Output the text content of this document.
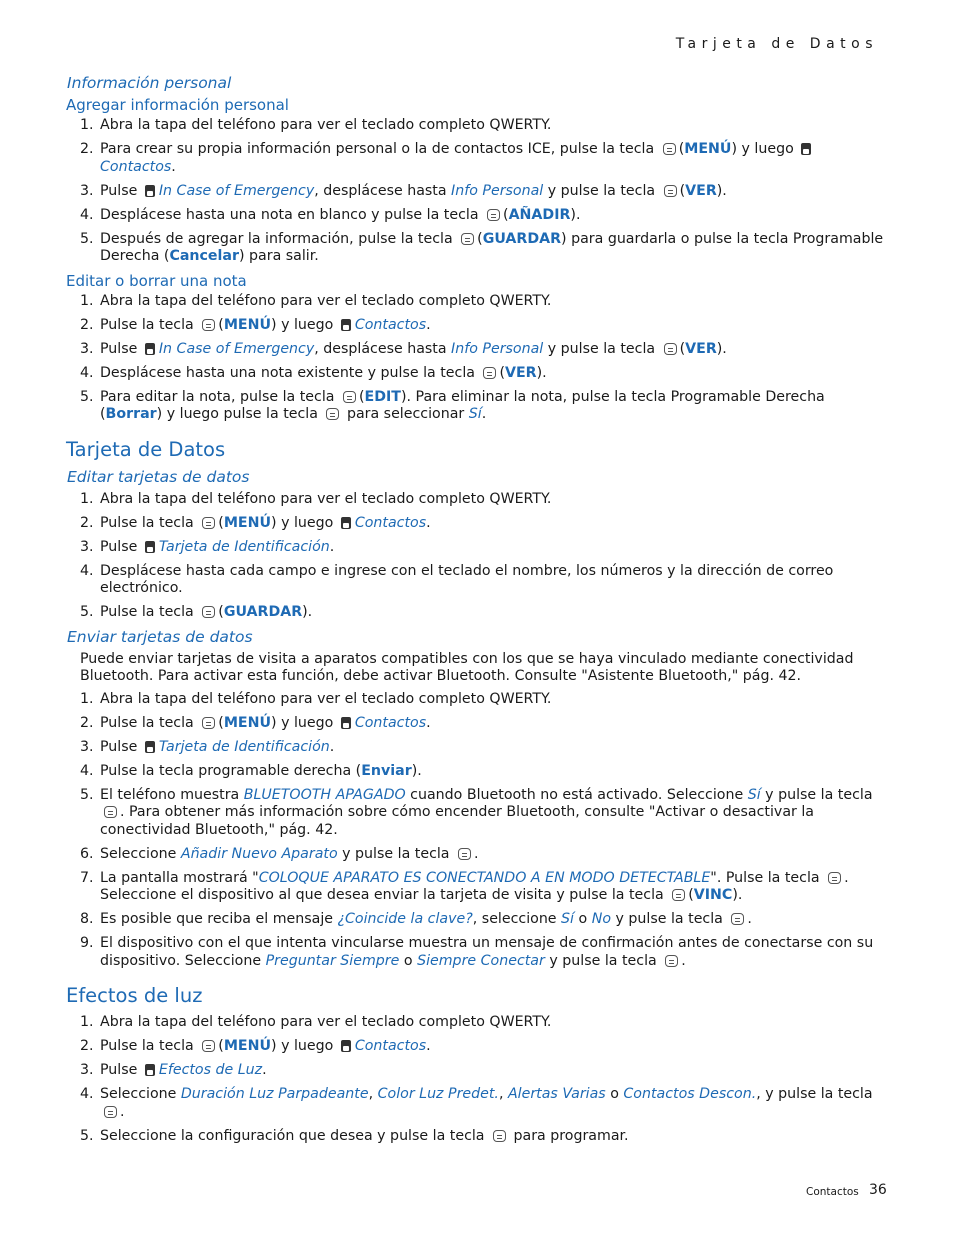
Tarjeta de Datos
Información personal
Agregar información personal
1. Abra la tapa del teléfono para ver el teclado completo QWERTY.
2. Para crear su propia información personal o la de contactos ICE, pulse la tecla (MENÚ) y luego Contactos.
3. Pulse In Case of Emergency, desplácese hasta Info Personal y pulse la tecla (VER).
4. Desplácese hasta una nota en blanco y pulse la tecla (AÑADIR).
5. Después de agregar la información, pulse la tecla (GUARDAR) para guardarla o pulse la tecla Programable Derecha (Cancelar) para salir.
Editar o borrar una nota
1. Abra la tapa del teléfono para ver el teclado completo QWERTY.
2. Pulse la tecla (MENÚ) y luego Contactos.
3. Pulse In Case of Emergency, desplácese hasta Info Personal y pulse la tecla (VER).
4. Desplácese hasta una nota existente y pulse la tecla (VER).
5. Para editar la nota, pulse la tecla (EDIT). Para eliminar la nota, pulse la tecla Programable Derecha (Borrar) y luego pulse la tecla  para seleccionar Sí.
Tarjeta de Datos
Editar tarjetas de datos
1. Abra la tapa del teléfono para ver el teclado completo QWERTY.
2. Pulse la tecla (MENÚ) y luego Contactos.
3. Pulse Tarjeta de Identificación.
4. Desplácese hasta cada campo e ingrese con el teclado el nombre, los números y la dirección de correo electrónico.
5. Pulse la tecla (GUARDAR).
Enviar tarjetas de datos

Puede enviar tarjetas de visita a aparatos compatibles con los que se haya vinculado mediante conectividad Bluetooth. Para activar esta función, debe activar Bluetooth. Consulte "Asistente Bluetooth," pág. 42.

1. Abra la tapa del teléfono para ver el teclado completo QWERTY.
2. Pulse la tecla (MENÚ) y luego Contactos.
3. Pulse Tarjeta de Identificación.
4. Pulse la tecla programable derecha (Enviar).
5. El teléfono muestra BLUETOOTH APAGADO cuando Bluetooth no está activado. Seleccione Sí y pulse la tecla . Para obtener más información sobre cómo encender Bluetooth, consulte "Activar o desactivar la conectividad Bluetooth," pág. 42.
6. Seleccione Añadir Nuevo Aparato y pulse la tecla .
7. La pantalla mostrará "COLOQUE APARATO ES CONECTANDO A EN MODO DETECTABLE". Pulse la tecla . Seleccione el dispositivo al que desea enviar la tarjeta de visita y pulse la tecla (VINC).
8. Es posible que reciba el mensaje ¿Coincide la clave?, seleccione Sí o No y pulse la tecla .
9. El dispositivo con el que intenta vincularse muestra un mensaje de confirmación antes de conectarse con su dispositivo. Seleccione Preguntar Siempre o Siempre Conectar y pulse la tecla .
Efectos de luz
1. Abra la tapa del teléfono para ver el teclado completo QWERTY.
2. Pulse la tecla (MENÚ) y luego Contactos.
3. Pulse Efectos de Luz.
4. Seleccione Duración Luz Parpadeante, Color Luz Predet., Alertas Varias o Contactos Descon., y pulse la tecla .
5. Seleccione la configuración que desea y pulse la tecla  para programar.
Contactos 36
